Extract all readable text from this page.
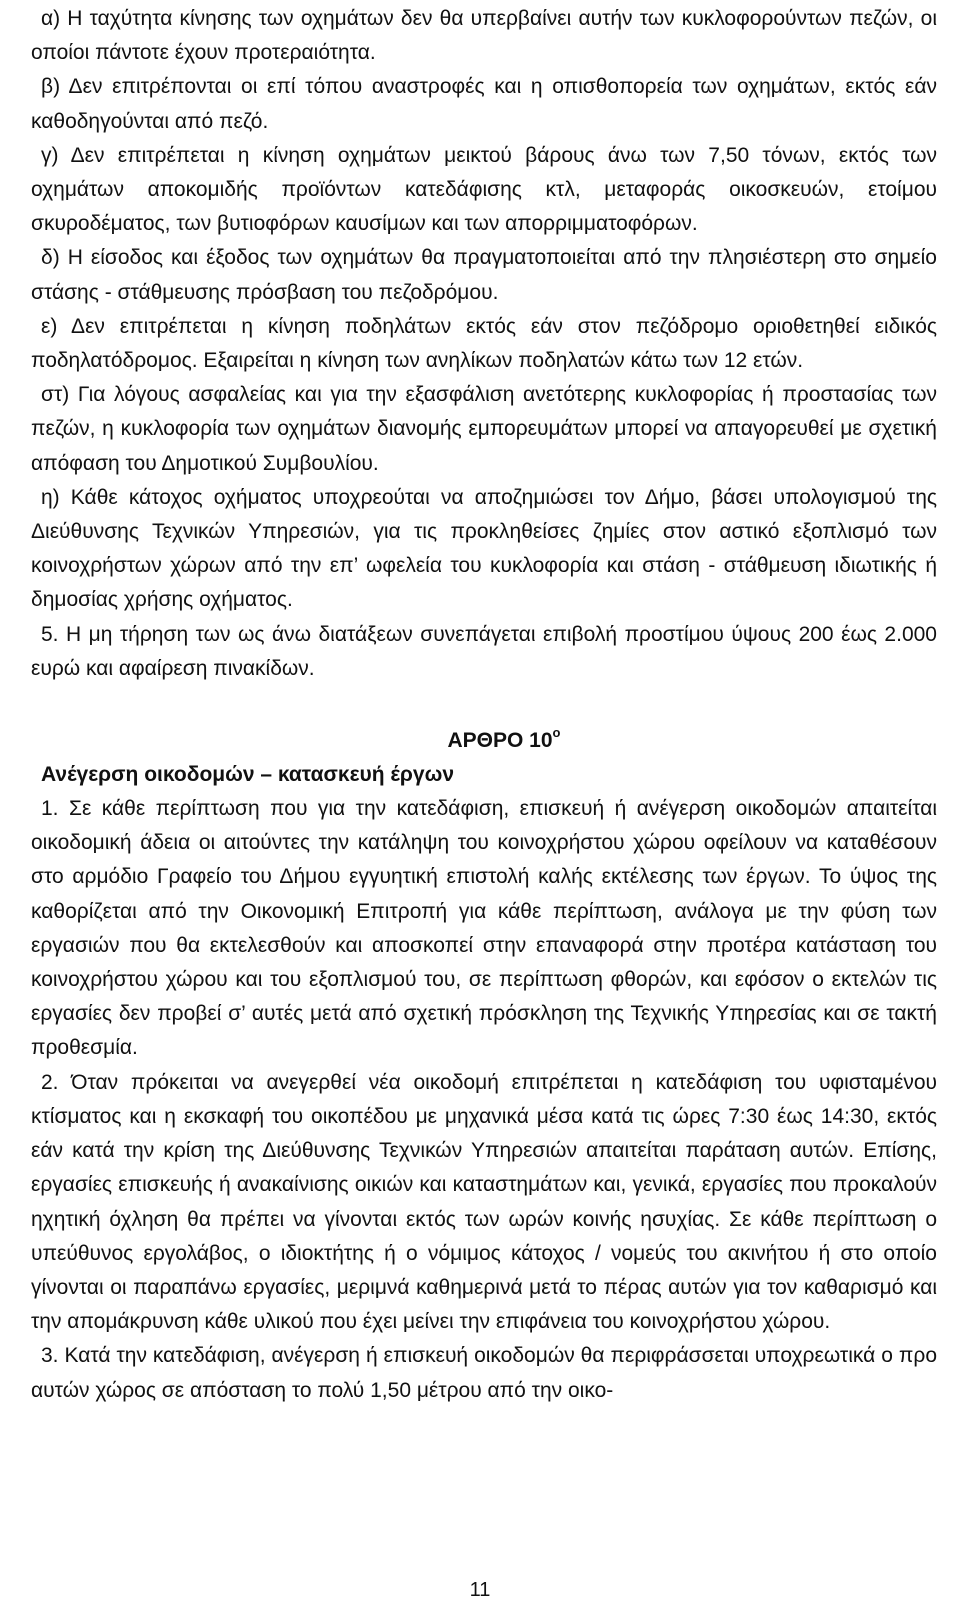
α) Η ταχύτητα κίνησης των οχημάτων δεν θα υπερβαίνει αυτήν των κυκλοφορούντων πεζών, οι οποίοι πάντοτε έχουν προτεραιότητα.

β) Δεν επιτρέπονται οι επί τόπου αναστροφές και η οπισθοπορεία των οχημάτων, εκτός εάν καθοδηγούνται από πεζό.

γ) Δεν επιτρέπεται η κίνηση οχημάτων μεικτού βάρους άνω των 7,50 τόνων, εκτός των οχημάτων αποκομιδής προϊόντων κατεδάφισης κτλ, μεταφοράς οικοσκευών, ετοίμου σκυροδέματος, των βυτιοφόρων καυσίμων και των απορριμματοφόρων.

δ) Η είσοδος και έξοδος των οχημάτων θα πραγματοποιείται από την πλησιέστερη στο σημείο στάσης - στάθμευσης πρόσβαση του πεζοδρόμου.

ε) Δεν επιτρέπεται η κίνηση ποδηλάτων εκτός εάν στον πεζόδρομο οριοθετηθεί ειδικός ποδηλατόδρομος. Εξαιρείται η κίνηση των ανηλίκων ποδηλατών κάτω των 12 ετών.

στ) Για λόγους ασφαλείας και για την εξασφάλιση ανετότερης κυκλοφορίας ή προστασίας των πεζών, η κυκλοφορία των οχημάτων διανομής εμπορευμάτων μπορεί να απαγορευθεί με σχετική απόφαση του Δημοτικού Συμβουλίου.

η) Κάθε κάτοχος οχήματος υποχρεούται να αποζημιώσει τον Δήμο, βάσει υπολογισμού της Διεύθυνσης Τεχνικών Υπηρεσιών, για τις προκληθείσες ζημίες στον αστικό εξοπλισμό των κοινοχρήστων χώρων από την επ’ ωφελεία του κυκλοφορία και στάση - στάθμευση ιδιωτικής ή δημοσίας χρήσης οχήματος.

5. Η μη τήρηση των ως άνω διατάξεων συνεπάγεται επιβολή προστίμου ύψους 200 έως 2.000 ευρώ και αφαίρεση πινακίδων.

ΑΡΘΡΟ $10^o$

Ανέγερση οικοδομών – κατασκευή έργων

1. Σε κάθε περίπτωση που για την κατεδάφιση, επισκευή ή ανέγερση οικοδομών απαιτείται οικοδομική άδεια οι αιτούντες την κατάληψη του κοινοχρήστου χώρου οφείλουν να καταθέσουν στο αρμόδιο Γραφείο του Δήμου εγγυητική επιστολή καλής εκτέλεσης των έργων. Το ύψος της καθορίζεται από την Οικονομική Επιτροπή για κάθε περίπτωση, ανάλογα με την φύση των εργασιών που θα εκτελεσθούν και αποσκοπεί στην επαναφορά στην προτέρα κατάσταση του κοινοχρήστου χώρου και του εξοπλισμού του, σε περίπτωση φθορών, και εφόσον ο εκτελών τις εργασίες δεν προβεί σ’ αυτές μετά από σχετική πρόσκληση της Τεχνικής Υπηρεσίας και σε τακτή προθεσμία.

2. Όταν πρόκειται να ανεγερθεί νέα οικοδομή επιτρέπεται η κατεδάφιση του υφισταμένου κτίσματος και η εκσκαφή του οικοπέδου με μηχανικά μέσα κατά τις ώρες 7:30 έως 14:30, εκτός εάν κατά την κρίση της Διεύθυνσης Τεχνικών Υπηρεσιών απαιτείται παράταση αυτών. Επίσης, εργασίες επισκευής ή ανακαίνισης οικιών και καταστημάτων και, γενικά, εργασίες που προκαλούν ηχητική όχληση θα πρέπει να γίνονται εκτός των ωρών κοινής ησυχίας. Σε κάθε περίπτωση ο υπεύθυνος εργολάβος, ο ιδιοκτήτης ή ο νόμιμος κάτοχος / νομεύς του ακινήτου ή στο οποίο γίνονται οι παραπάνω εργασίες, μεριμνά καθημερινά μετά το πέρας αυτών για τον καθαρισμό και την απομάκρυνση κάθε υλικού που έχει μείνει την επιφάνεια του κοινοχρήστου χώρου.

3. Κατά την κατεδάφιση, ανέγερση ή επισκευή οικοδομών θα περιφράσσεται υποχρεωτικά ο προ αυτών χώρος σε απόσταση το πολύ 1,50 μέτρου από την οικο-

11
